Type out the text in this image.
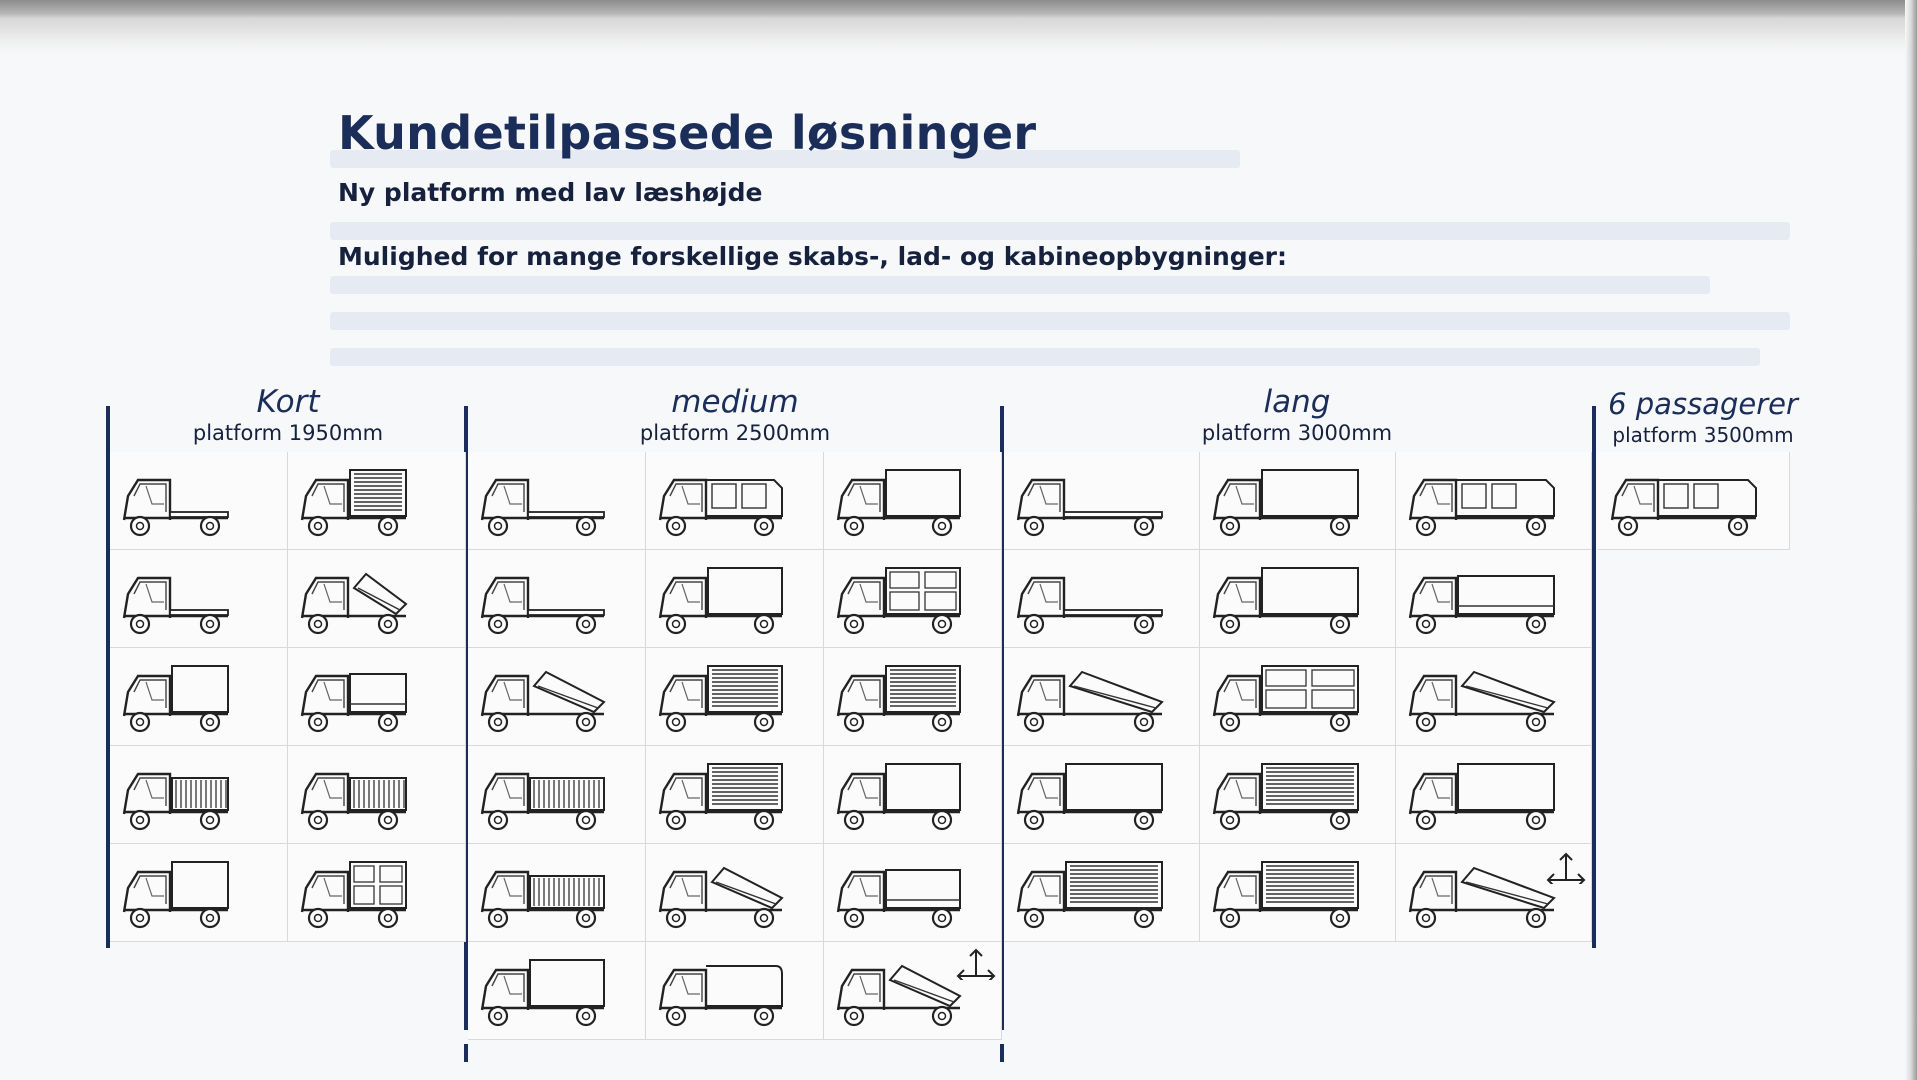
Kundetilpassede løsninger

Ny platform med lav læshøjde

Mulighed for mange forskellige skabs-, lad- og kabineopbygninger:

Kort
platform 1950mm
medium
platform 2500mm
lang
platform 3000mm
6 passagerer
platform 3500mm
